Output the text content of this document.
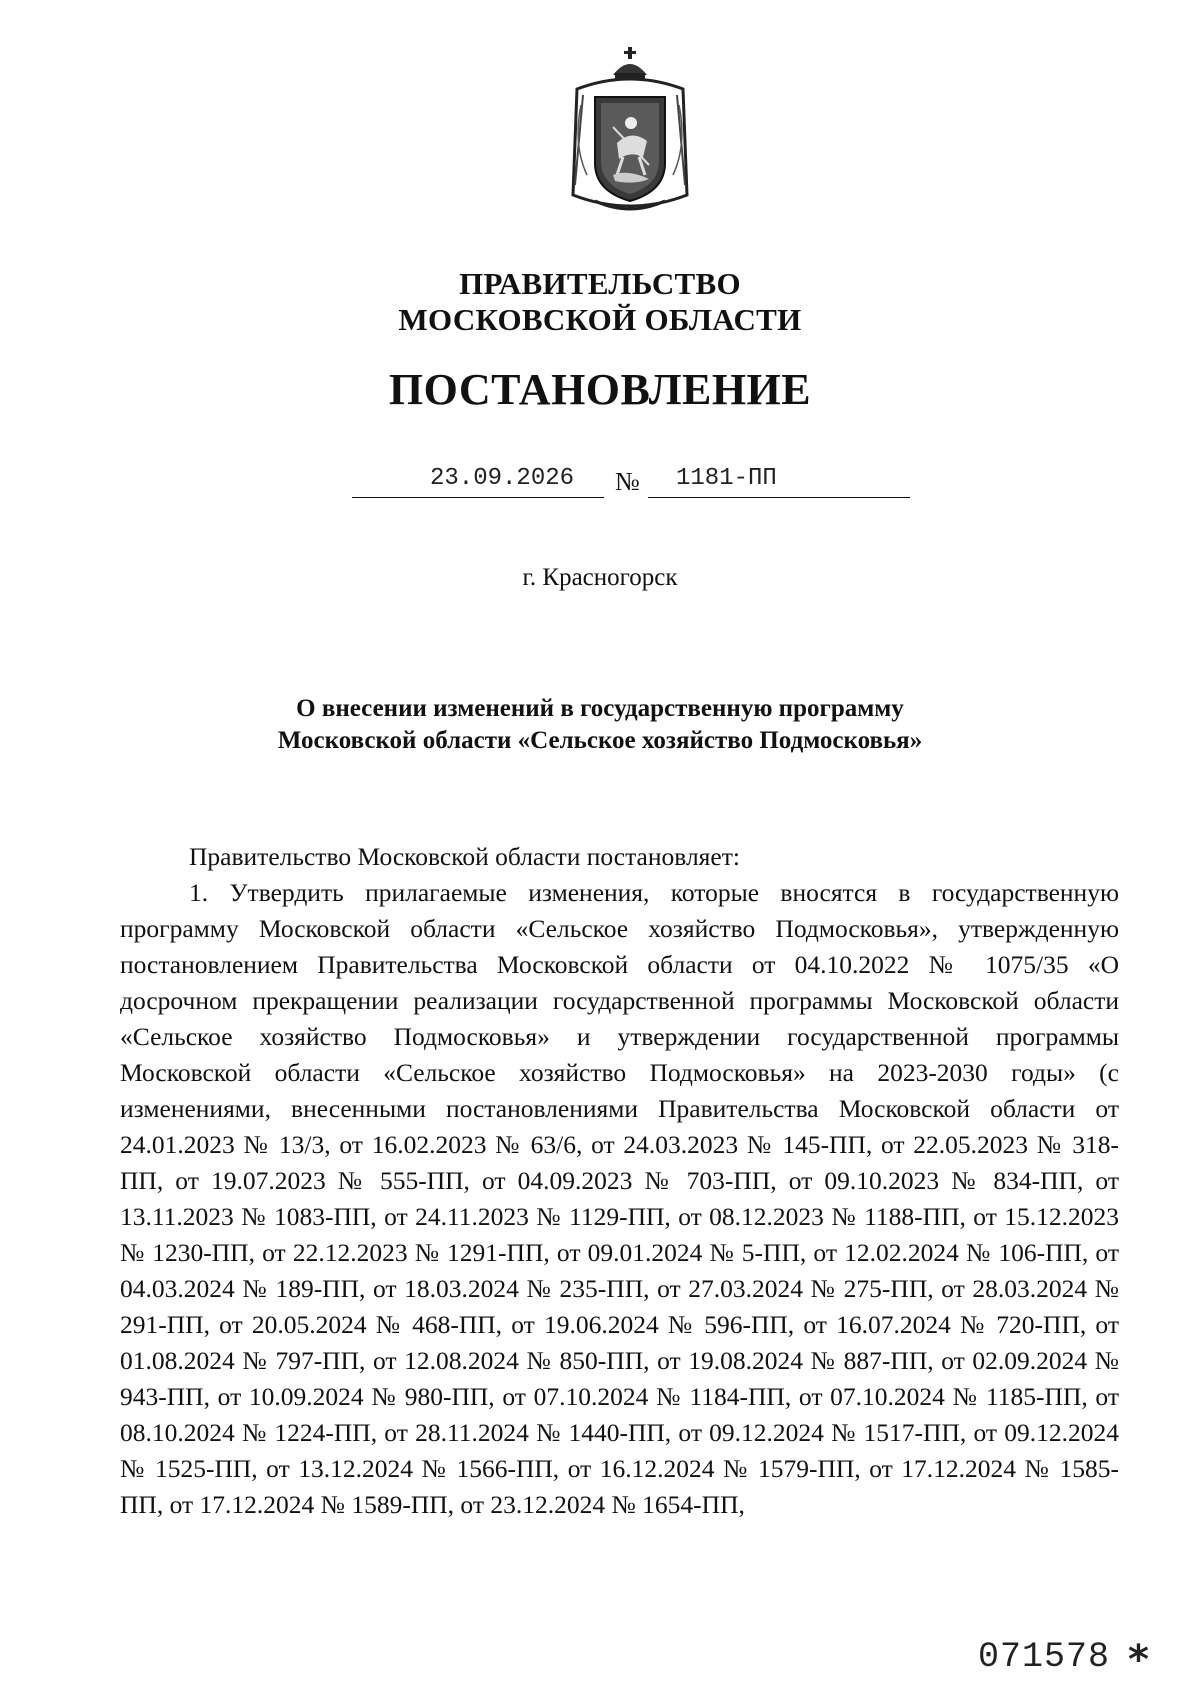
ПРАВИТЕЛЬСТВО
МОСКОВСКОЙ ОБЛАСТИ
ПОСТАНОВЛЕНИЕ
23.09.2026 № 1181-ПП
г. Красногорск
О внесении изменений в государственную программу
Московской области «Сельское хозяйство Подмосковья»
Правительство Московской области постановляет:
1. Утвердить прилагаемые изменения, которые вносятся в государственную программу Московской области «Сельское хозяйство Подмосковья», утвержденную постановлением Правительства Московской области от 04.10.2022 № 1075/35 «О досрочном прекращении реализации государственной программы Московской области «Сельское хозяйство Подмосковья» и утверждении государственной программы Московской области «Сельское хозяйство Подмосковья» на 2023-2030 годы» (с изменениями, внесенными постановлениями Правительства Московской области от 24.01.2023 № 13/3, от 16.02.2023 № 63/6, от 24.03.2023 № 145-ПП, от 22.05.2023 № 318-ПП, от 19.07.2023 № 555-ПП, от 04.09.2023 № 703-ПП, от 09.10.2023 № 834-ПП, от 13.11.2023 № 1083-ПП, от 24.11.2023 № 1129-ПП, от 08.12.2023 № 1188-ПП, от 15.12.2023 № 1230-ПП, от 22.12.2023 № 1291-ПП, от 09.01.2024 № 5-ПП, от 12.02.2024 № 106-ПП, от 04.03.2024 № 189-ПП, от 18.03.2024 № 235-ПП, от 27.03.2024 № 275-ПП, от 28.03.2024 № 291-ПП, от 20.05.2024 № 468-ПП, от 19.06.2024 № 596-ПП, от 16.07.2024 № 720-ПП, от 01.08.2024 № 797-ПП, от 12.08.2024 № 850-ПП, от 19.08.2024 № 887-ПП, от 02.09.2024 № 943-ПП, от 10.09.2024 № 980-ПП, от 07.10.2024 № 1184-ПП, от 07.10.2024 № 1185-ПП, от 08.10.2024 № 1224-ПП, от 28.11.2024 № 1440-ПП, от 09.12.2024 № 1517-ПП, от 09.12.2024 № 1525-ПП, от 13.12.2024 № 1566-ПП, от 16.12.2024 № 1579-ПП, от 17.12.2024 № 1585-ПП, от 17.12.2024 № 1589-ПП, от 23.12.2024 № 1654-ПП,
071578 *
